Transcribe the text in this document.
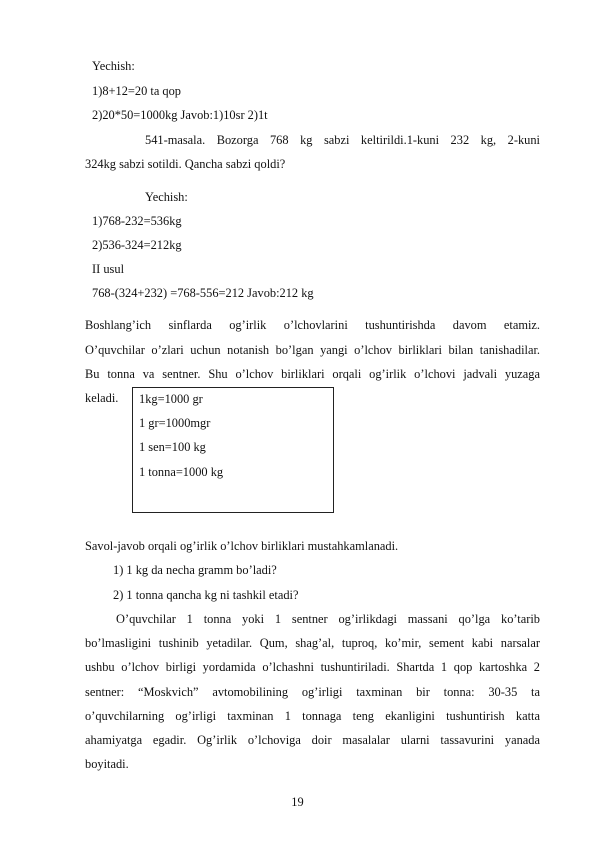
Yechish:
1)8+12=20 ta qop
2)20*50=1000kg Javob:1)10sr 2)1t
541-masala. Bozorga 768 kg sabzi keltirildi.1-kuni 232 kg, 2-kuni
324kg sabzi sotildi. Qancha sabzi qoldi?
Yechish:
1)768-232=536kg
2)536-324=212kg
II usul
768-(324+232) =768-556=212 Javob:212 kg
Boshlang’ich sinflarda og’irlik o’lchovlarini tushuntirishda davom etamiz.
O’quvchilar o’zlari uchun notanish bo’lgan yangi o’lchov birliklari bilan tanishadilar.
Bu tonna va sentner. Shu o’lchov birliklari orqali og’irlik o’lchovi jadvali yuzaga
keladi. 1kg=1000 gr
1 gr=1000mgr
1 sen=100 kg
1 tonna=1000 kg
Savol-javob orqali og’irlik o’lchov birliklari mustahkamlanadi.
1) 1 kg da necha gramm bo’ladi?
2) 1 tonna qancha kg ni tashkil etadi?
O’quvchilar 1 tonna yoki 1 sentner og’irlikdagi massani qo’lga ko’tarib
bo’lmasligini tushinib yetadilar. Qum, shag’al, tuproq, ko’mir, sement kabi narsalar
ushbu o’lchov birligi yordamida o’lchashni tushuntiriladi. Shartda 1 qop kartoshka 2
sentner: “Moskvich” avtomobilining og’irligi taxminan bir tonna: 30-35 ta
o’quvchilarning og’irligi taxminan 1 tonnaga teng ekanligini tushuntirish katta
ahamiyatga egadir. Og’irlik o’lchoviga doir masalalar ularni tassavurini yanada
boyitadi.
19
